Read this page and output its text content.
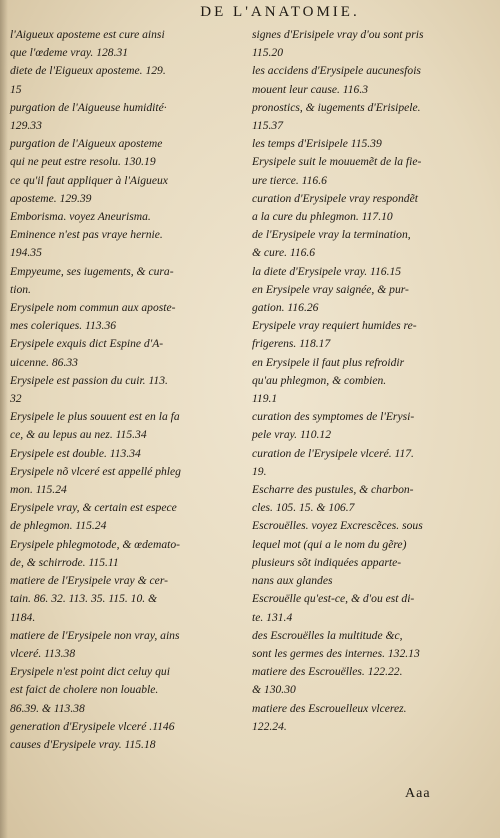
DE L'ANATOMIE.
l'Aigueux aposteme est cure ainsi
que l'œdeme vray. 128.31
diete de l'Eigueux aposteme. 129.
15
purgation de l'Aigueuse humidité·
129.33
purgation de l'Aigueux aposteme
qui ne peut estre resolu. 130.19
ce qu'il faut appliquer à l'Aigueux
aposteme. 129.39
Emborisma. voyez Aneurisma.
Eminence n'est pas vraye hernie.
194.35
Empyeume, ses iugements, & cura-
tion.
Erysipele nom commun aux aposte-
mes coleriques. 113.36
Erysipele exquis dict Espine d'A-
uicenne. 86.33
Erysipele est passion du cuir. 113.
32
Erysipele le plus souuent est en la fa
ce, & au lepus au nez. 115.34
Erysipele est double. 113.34
Erysipele nõ vlceré est appellé phleg
mon. 115.24
Erysipele vray, & certain est espece
de phlegmon. 115.24
Erysipele phlegmotode, & œdemato-
de, & schirrode. 115.11
matiere de l'Erysipele vray & cer-
tain. 86. 32. 113. 35. 115. 10. &
1184.
matiere de l'Erysipele non vray, ains
vlceré. 113.38
Erysipele n'est point dict celuy qui
est faict de cholere non louable.
86.39. & 113.38
generation d'Erysipele vlceré .1146
causes d'Erysipele vray. 115.18
signes d'Erisipele vray d'ou sont pris
115.20
les accidens d'Erysipele aucunesfois
mouent leur cause. 116.3
pronostics, & iugements d'Erisipele.
115.37
les temps d'Erisipele 115.39
Erysipele suit le mouuemẽt de la fie-
ure tierce. 116.6
curation d'Erysipele vray respondẽt
a la cure du phlegmon. 117.10
de l'Erysipele vray la termination,
& cure. 116.6
la diete d'Erysipele vray. 116.15
en Erysipele vray saignée, & pur-
gation. 116.26
Erysipele vray requiert humides re-
frigerens. 118.17
en Erysipele il faut plus refroidir
qu'au phlegmon, & combien.
119.1
curation des symptomes de l'Erysi-
pele vray. 110.12
curation de l'Erysipele vlceré. 117.
19.
Escharre des pustules, & charbon-
cles. 105. 15. & 106.7
Escrouëlles. voyez Excrescẽces. sous
lequel mot (qui a le nom du gẽre)
plusieurs sõt indiquées apparte-
nans aux glandes
Escrouëlle qu'est-ce, & d'ou est di-
te. 131.4
des Escrouëlles la multitude &c,
sont les germes des internes. 132.13
matiere des Escrouëlles. 122.22.
& 130.30
matiere des Escrouelleux vlcerez.
122.24.
Aaa
